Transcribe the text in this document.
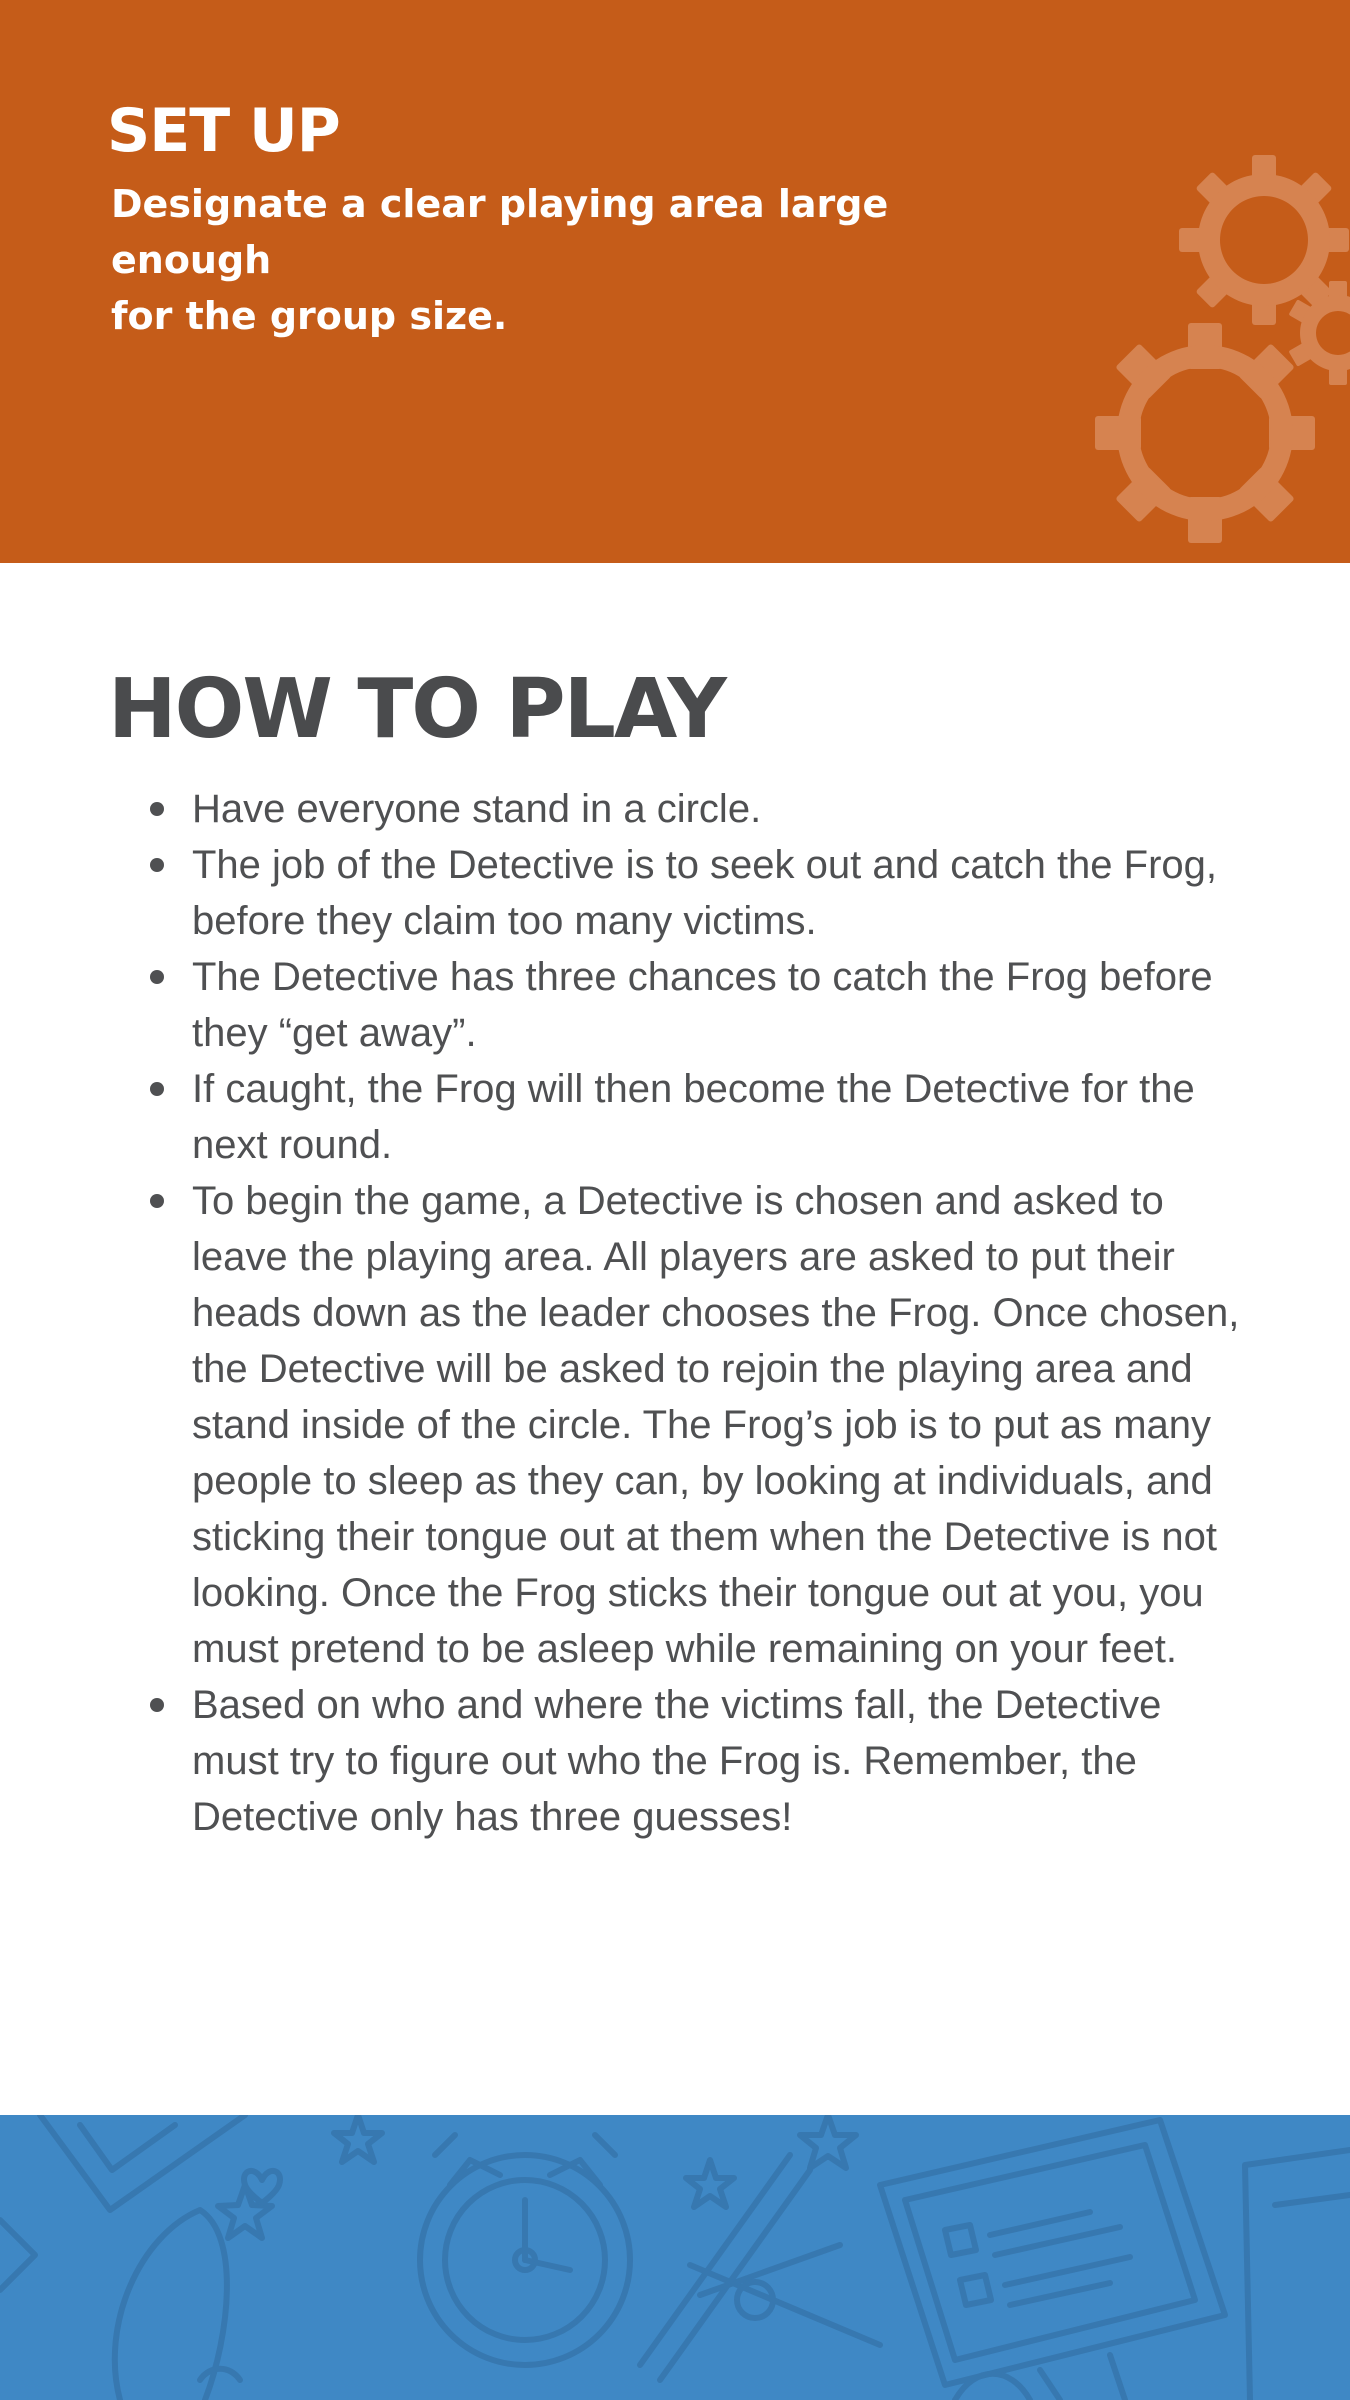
SET UP

Designate a clear playing area large enough
for the group size.

HOW TO PLAY
Have everyone stand in a circle.
The job of the Detective is to seek out and catch the Frog, before they claim too many victims.
The Detective has three chances to catch the Frog before they “get away”.
If caught, the Frog will then become the Detective for the next round.
To begin the game, a Detective is chosen and asked to leave the playing area. All players are asked to put their heads down as the leader chooses the Frog. Once chosen, the Detective will be asked to rejoin the playing area and stand inside of the circle. The Frog’s job is to put as many people to sleep as they can, by looking at individuals, and sticking their tongue out at them when the Detective is not looking. Once the Frog sticks their tongue out at you, you must pretend to be asleep while remaining on your feet.
Based on who and where the victims fall, the Detective must try to figure out who the Frog is. Remember, the Detective only has three guesses!
